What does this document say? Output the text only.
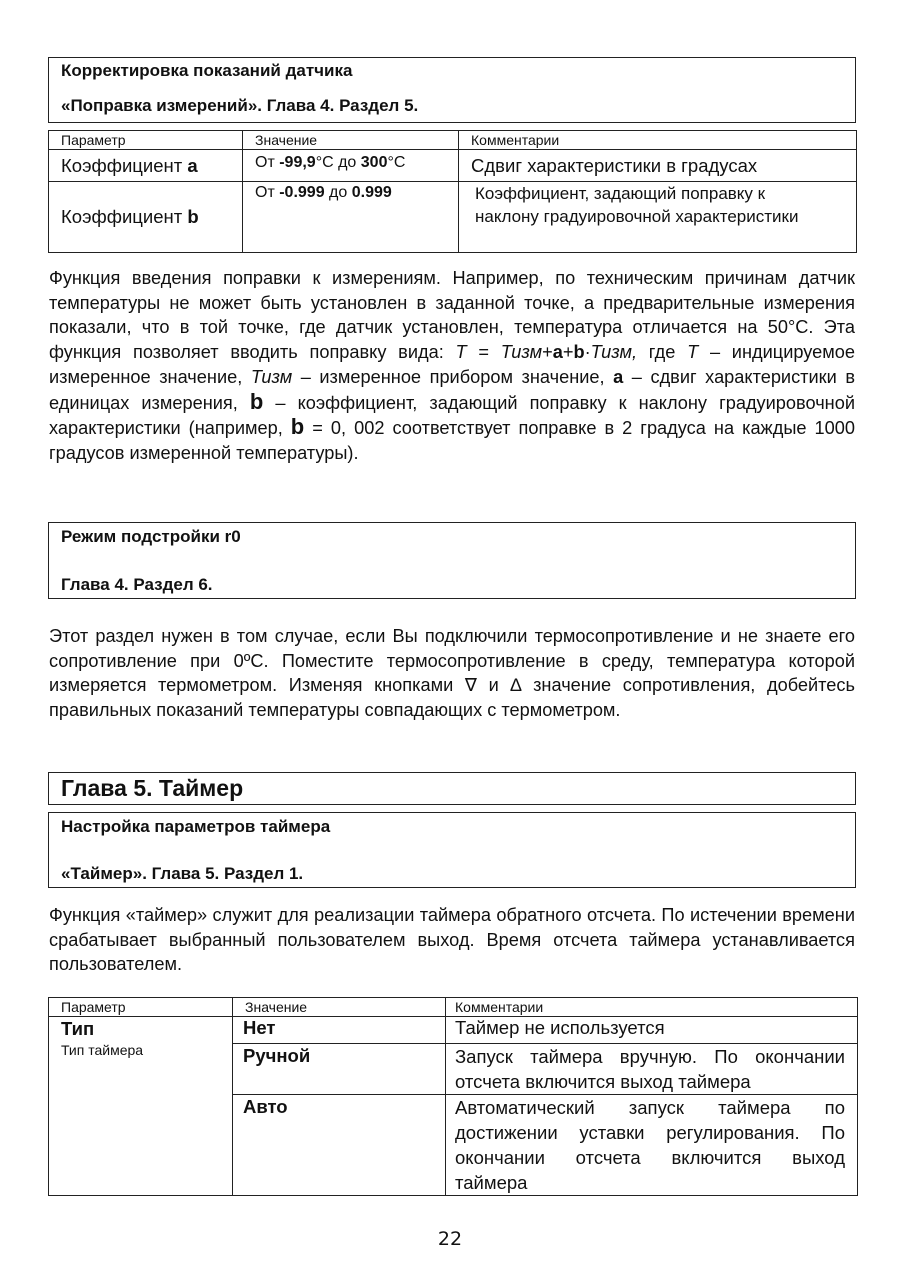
Корректировка показаний датчика
«Поправка измерений». Глава 4. Раздел 5.
Параметр	Значение	Комментарии
Коэффициент a	От -99,9°C до 300°C	Сдвиг характеристики в градусах
Коэффициент b	От -0.999 до 0.999	Коэффициент, задающий поправку к наклону градуировочной характеристики
Функция введения поправки к измерениям. Например, по техническим причинам датчик температуры не может быть установлен в заданной точке, а предварительные измерения показали, что в той точке, где датчик установлен, температура отличается на 50°C. Эта функция позволяет вводить поправку вида: T = Тизм+a+b·Тизм, где T – индицируемое измеренное значение, Тизм – измеренное прибором значение, a – сдвиг характеристики в единицах измерения, b – коэффициент, задающий поправку к наклону градуировочной характеристики (например, b = 0, 002 соответствует поправке в 2 градуса на каждые 1000 градусов измеренной температуры).
Режим подстройки r0
Глава 4. Раздел 6.
Этот раздел нужен в том случае, если Вы подключили термосопротивление и не знаете его сопротивление при 0ºC. Поместите термосопротивление в среду, температура которой измеряется термометром. Изменяя кнопками ∇ и ∆ значение сопротивления, добейтесь правильных показаний температуры совпадающих с термометром.
Глава 5. Таймер
Настройка параметров таймера
«Таймер». Глава 5. Раздел 1.
Функция «таймер» служит для реализации таймера обратного отсчета. По истечении времени срабатывает выбранный пользователем выход. Время отсчета таймера устанавливается пользователем.
Параметр	Значение	Комментарии

Тип
Тип таймера	Нет	Таймер не используется
	Ручной	Запуск таймера вручную. По окончании отсчета включится выход таймера
	Авто	Автоматический запуск таймера по достижении уставки регулирования. По окончании отсчета включится выход таймера
22
